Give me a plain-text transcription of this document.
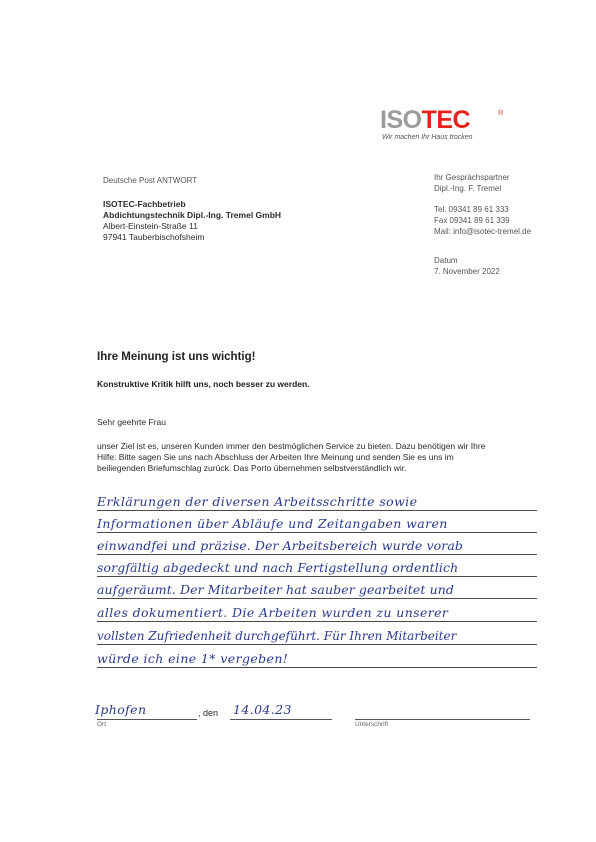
ISOTEC	®
Wir machen Ihr Haus trocken
Deutsche Post ANTWORT
ISOTEC-Fachbetrieb
Abdichtungstechnik Dipl.-Ing. Tremel GmbH
Albert-Einstein-Straße 11
97941 Tauberbischofsheim
Ihr Gesprächspartner
Dipl.-Ing. F. Tremel
Tel. 09341 89 61 333
Fax 09341 89 61 339
Mail: info@isotec-tremel.de
Datum
7. November 2022
Ihre Meinung ist uns wichtig!
Konstruktive Kritik hilft uns, noch besser zu werden.
Sehr geehrte Frau
unser Ziel ist es, unseren Kunden immer den bestmöglichen Service zu bieten. Dazu benötigen wir Ihre
Hilfe: Bitte sagen Sie uns nach Abschluss der Arbeiten Ihre Meinung und senden Sie es uns im
beiliegenden Briefumschlag zurück. Das Porto übernehmen selbstverständlich wir.
Erklärungen der diversen Arbeitsschritte sowie
Informationen über Abläufe und Zeitangaben waren
einwandfei und präzise. Der Arbeitsbereich wurde vorab
sorgfältig abgedeckt und nach Fertigstellung ordentlich
aufgeräumt. Der Mitarbeiter hat sauber gearbeitet und
alles dokumentiert. Die Arbeiten wurden zu unserer
vollsten Zufriedenheit durchgeführt. Für Ihren Mitarbeiter
würde ich eine 1* vergeben!
Iphofen
Ort
, den 14.04.23
Unterschrift
